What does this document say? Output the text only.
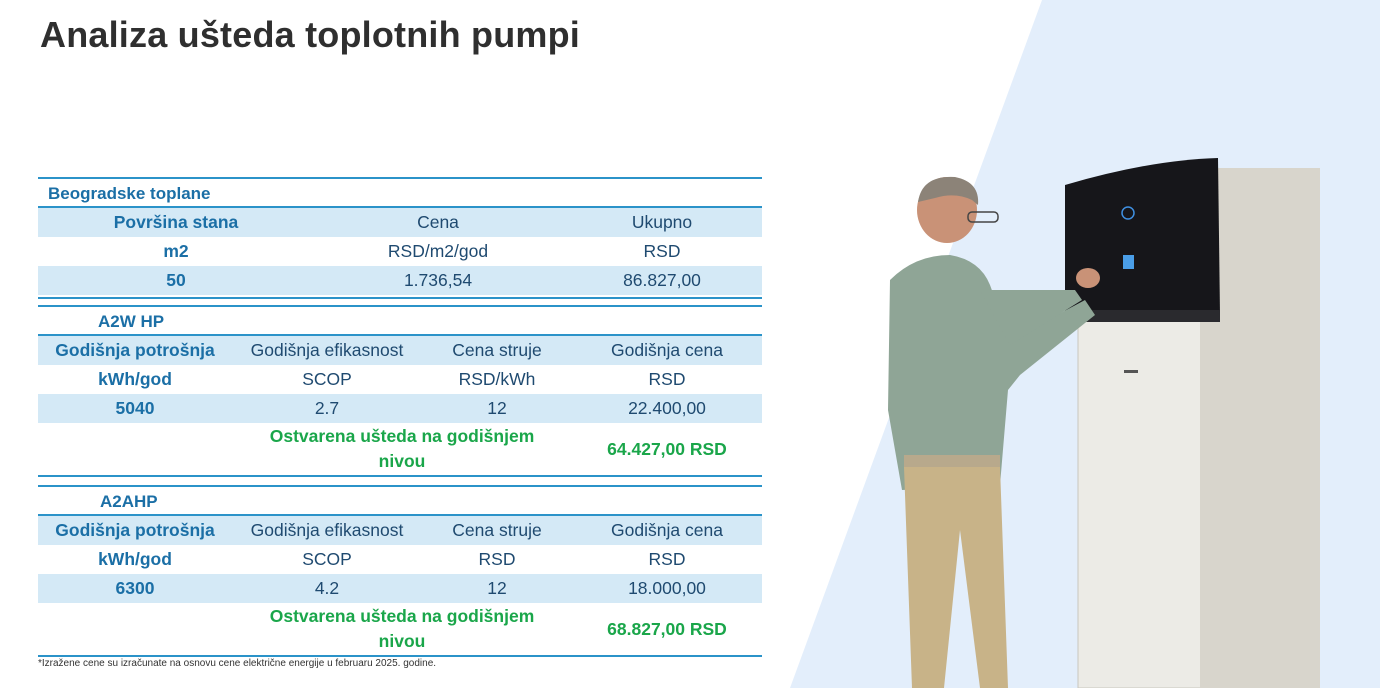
Analiza ušteda toplotnih pumpi
Beogradske toplane
Površina stana	Cena	Ukupno
m2	RSD/m2/god	RSD
50	1.736,54	86.827,00
A2W HP
Godišnja potrošnja	Godišnja efikasnost	Cena struje	Godišnja cena
kWh/god	SCOP	RSD/kWh	RSD
5040	2.7	12	22.400,00
Ostvarena ušteda na godišnjem
nivou
64.427,00 RSD
A2AHP
Godišnja potrošnja	Godišnja efikasnost	Cena struje	Godišnja cena
kWh/god	SCOP	RSD	RSD
6300	4.2	12	18.000,00
Ostvarena ušteda na godišnjem
nivou
68.827,00 RSD
*Izražene cene su izračunate na osnovu cene električne energije u februaru 2025. godine.
